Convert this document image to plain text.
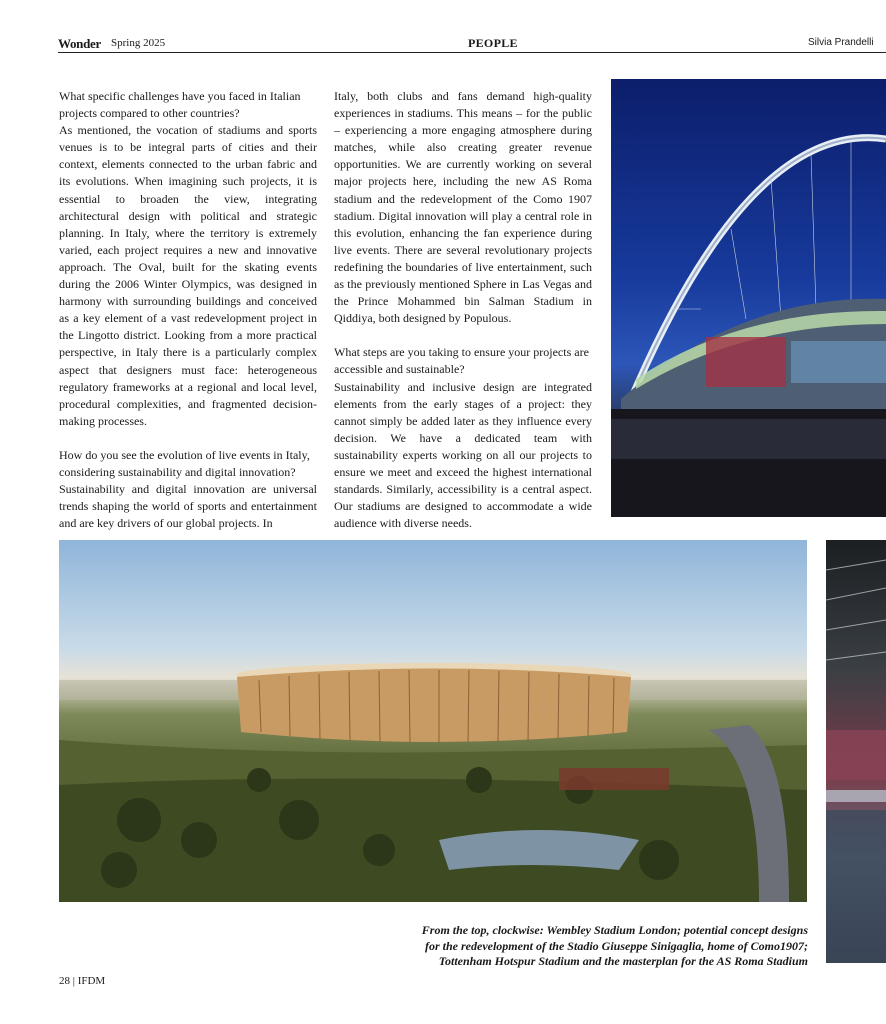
Wonder Spring 2025	PEOPLE	Silvia Prandelli

What specific challenges have you faced in Italian projects compared to other countries?

As mentioned, the vocation of stadiums and sports venues is to be integral parts of cities and their context, elements connected to the urban fabric and its evolutions. When imagining such projects, it is essential to broaden the view, integrating architectural design with political and strategic planning. In Italy, where the territory is extremely varied, each project requires a new and innovative approach. The Oval, built for the skating events during the 2006 Winter Olympics, was designed in harmony with surrounding buildings and conceived as a key element of a vast redevelopment project in the Lingotto district. Looking from a more practical perspective, in Italy there is a particularly complex aspect that designers must face: heterogeneous regulatory frameworks at a regional and local level, procedural complexities, and fragmented decision-making processes.

How do you see the evolution of live events in Italy, considering sustainability and digital innovation?

Sustainability and digital innovation are universal trends shaping the world of sports and entertainment and are key drivers of our global projects. In

Italy, both clubs and fans demand high-quality experiences in stadiums. This means – for the public – experiencing a more engaging atmosphere during matches, while also creating greater revenue opportunities. We are currently working on several major projects here, including the new AS Roma stadium and the redevelopment of the Como 1907 stadium. Digital innovation will play a central role in this evolution, enhancing the fan experience during live events. There are several revolutionary projects redefining the boundaries of live entertainment, such as the previously mentioned Sphere in Las Vegas and the Prince Mohammed bin Salman Stadium in Qiddiya, both designed by Populous.

What steps are you taking to ensure your projects are accessible and sustainable?

Sustainability and inclusive design are integrated elements from the early stages of a project: they cannot simply be added later as they influence every decision. We have a dedicated team with sustainability experts working on all our projects to ensure we meet and exceed the highest international standards. Similarly, accessibility is a central aspect. Our stadiums are designed to accommodate a wide audience with diverse needs.

From the top, clockwise: Wembley Stadium London; potential concept designs
for the redevelopment of the Stadio Giuseppe Sinigaglia, home of Como1907;
Tottenham Hotspur Stadium and the masterplan for the AS Roma Stadium
28 | IFDM
